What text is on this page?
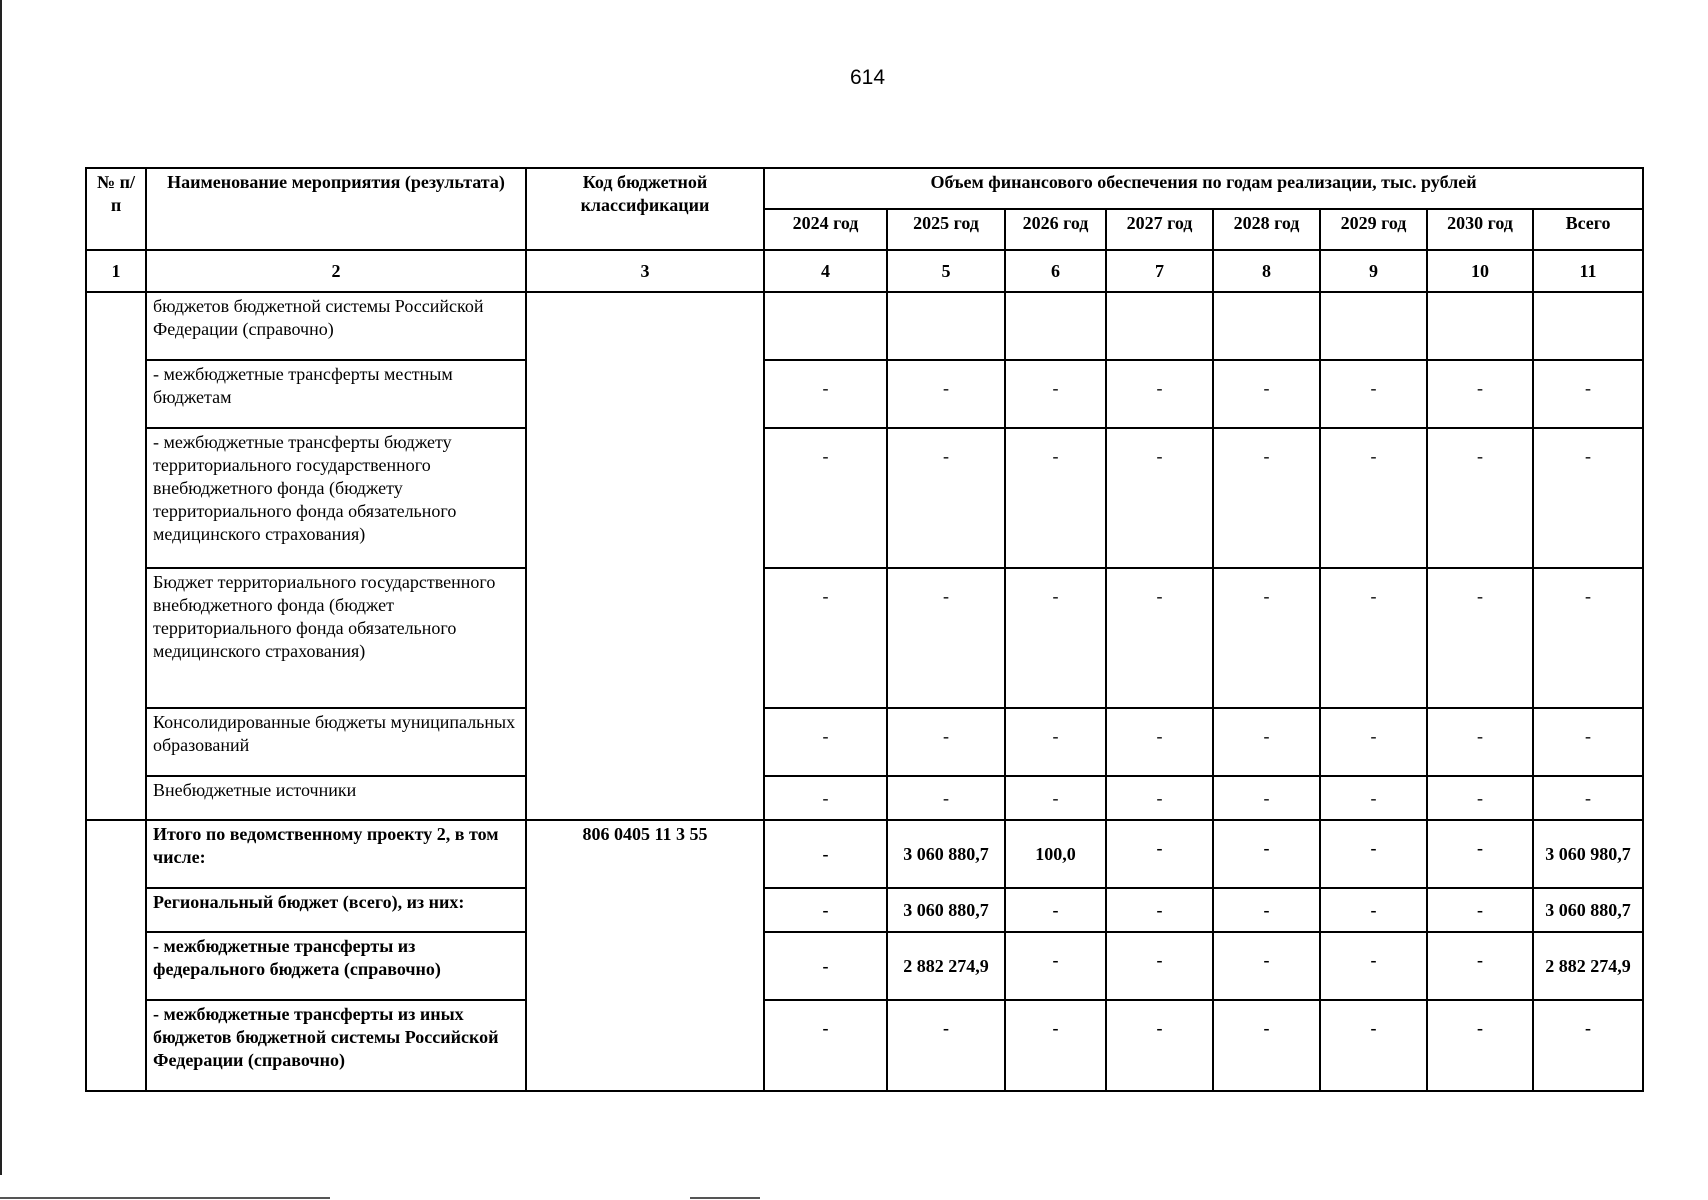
614
№ п/п	Наименование мероприятия (результата)	Код бюджетной классификации	Объем финансового обеспечения по годам реализации, тыс. рублей							
			2024 год	2025 год	2026 год	2027 год	2028 год	2029 год	2030 год	Всего
1	2	3	4	5	6	7	8	9	10	11
	бюджетов бюджетной системы Российской Федерации (справочно)									
	- межбюджетные трансферты местным бюджетам		-	-	-	-	-	-	-	-
	- межбюджетные трансферты бюджету территориального государственного внебюджетного фонда (бюджету территориального фонда обязательного медицинского страхования)		-	-	-	-	-	-	-	-
	Бюджет территориального государственного внебюджетного фонда (бюджет территориального фонда обязательного медицинского страхования)		-	-	-	-	-	-	-	-
	Консолидированные бюджеты муниципальных образований		-	-	-	-	-	-	-	-
	Внебюджетные источники		-	-	-	-	-	-	-	-
	Итого по ведомственному проекту 2, в том числе:	806 0405 11 3 55	-	3 060 880,7	100,0	-	-	-	-	3 060 980,7
	Региональный бюджет (всего), из них:		-	3 060 880,7	-	-	-	-	-	3 060 880,7
	- межбюджетные трансферты из федерального бюджета (справочно)		-	2 882 274,9	-	-	-	-	-	2 882 274,9
	- межбюджетные трансферты из иных бюджетов бюджетной системы Российской Федерации (справочно)		-	-	-	-	-	-	-	-
